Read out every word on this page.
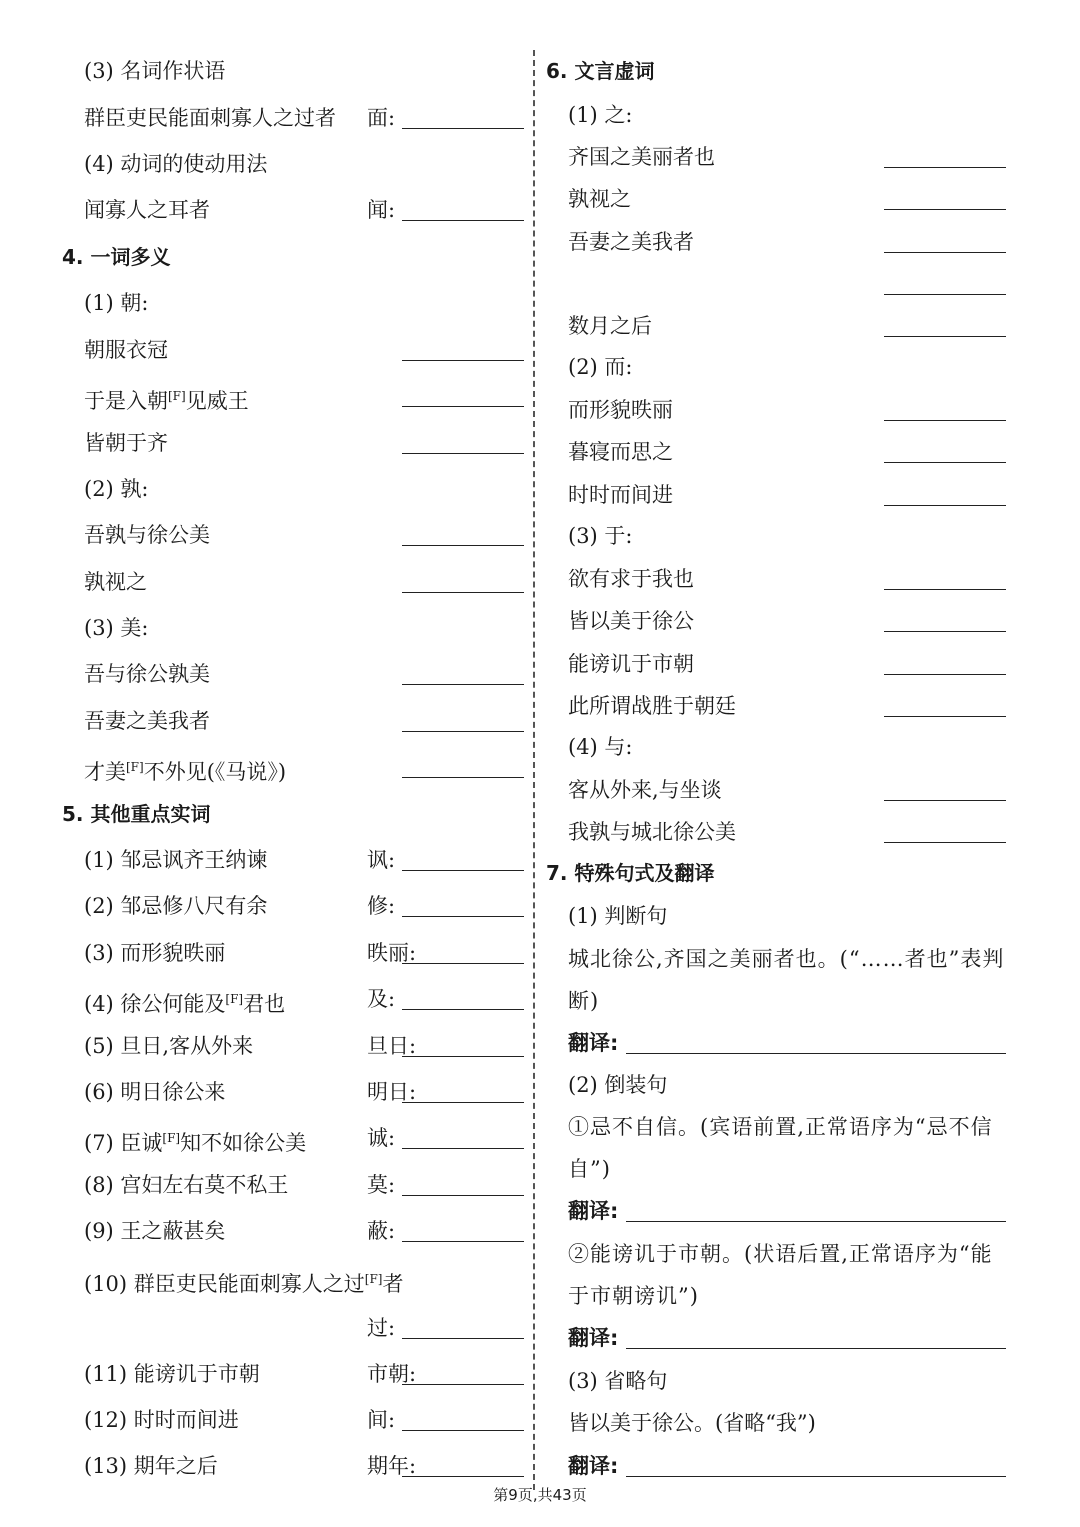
(3) 名词作状语
群臣吏民能面刺寡人之过者 面:
(4) 动词的使动用法
闻寡人之耳者	闻:
4. 一词多义
(1) 朝:
朝服衣冠
于是入朝[F]见威王
皆朝于齐
(2) 孰:
吾孰与徐公美
孰视之
(3) 美:
吾与徐公孰美
吾妻之美我者
才美[F]不外见(《马说》)
5. 其他重点实词
(1) 邹忌讽齐王纳谏	讽:
(2) 邹忌修八尺有余	修:
(3) 而形貌昳丽	昳丽:
(4) 徐公何能及[F]君也	及:
(5) 旦日,客从外来	旦日:
(6) 明日徐公来	明日:
(7) 臣诚[F]知不如徐公美	诚:
(8) 宫妇左右莫不私王	莫:
(9) 王之蔽甚矣	蔽:
(10) 群臣吏民能面刺寡人之过[F]者
过:
(11) 能谤讥于市朝	市朝:
(12) 时时而间进	间:
(13) 期年之后	期年:
6. 文言虚词
(1) 之:
齐国之美丽者也
孰视之
吾妻之美我者
数月之后
(2) 而:
而形貌昳丽
暮寝而思之
时时而间进
(3) 于:
欲有求于我也
皆以美于徐公
能谤讥于市朝
此所谓战胜于朝廷
(4) 与:
客从外来,与坐谈
我孰与城北徐公美
7. 特殊句式及翻译
(1) 判断句
城北徐公,齐国之美丽者也。(“……者也”表判断)
翻译:
(2) 倒装句
①忌不自信。(宾语前置,正常语序为“忌不信自”)
翻译:
②能谤讥于市朝。(状语后置,正常语序为“能于市朝谤讥”)
翻译:
(3) 省略句
皆以美于徐公。(省略“我”)
翻译:
第9页,共43页
